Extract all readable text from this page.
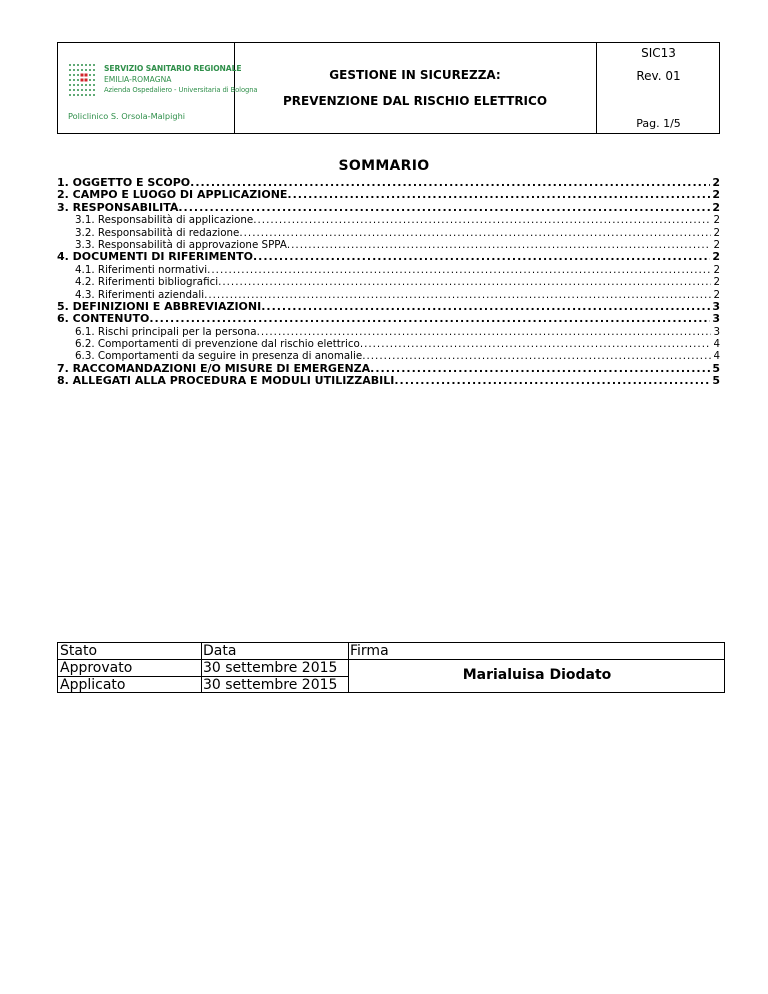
SERVIZIO SANITARIO REGIONALE
EMILIA-ROMAGNA
Azienda Ospedaliero - Universitaria di Bologna
Policlinico S. Orsola-Malpighi
GESTIONE IN SICUREZZA:
PREVENZIONE DAL RISCHIO ELETTRICO
SIC13
Rev. 01
Pag. 1/5
SOMMARIO
1. OGGETTO E SCOPO .....	2
2. CAMPO E LUOGO DI APPLICAZIONE .....	2
3. RESPONSABILITÀ .....	2
3.1. Responsabilità di applicazione .....	2
3.2. Responsabilità di redazione .....	2
3.3. Responsabilità di approvazione SPPA .....	2
4. DOCUMENTI DI RIFERIMENTO .....	2
4.1. Riferimenti normativi .....	2
4.2. Riferimenti bibliografici .....	2
4.3. Riferimenti aziendali .....	2
5. DEFINIZIONI E ABBREVIAZIONI .....	3
6. CONTENUTO .....	3
6.1. Rischi principali per la persona .....	3
6.2. Comportamenti di prevenzione dal rischio elettrico .....	4
6.3. Comportamenti da seguire in presenza di anomalie .....	4
7. RACCOMANDAZIONI E/O MISURE DI EMERGENZA .....	5
8. ALLEGATI ALLA PROCEDURA E MODULI UTILIZZABILI .....	5
Stato	Data	Firma
Approvato	30 settembre 2015
Applicato	30 settembre 2015
Marialuisa Diodato
